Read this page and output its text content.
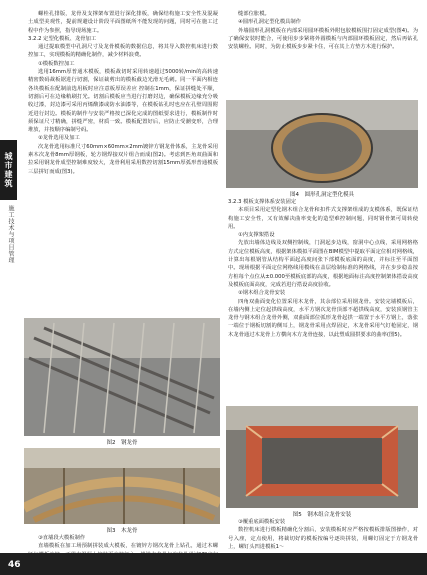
城市建筑
施工技术与项目管理

螺栓孔排版，龙骨及支撑架布置进行深化排板，确保结构施工安全性及混凝土成型美观性，提前规避设计阶段平面图纸所不能发现的问题，同时可在施工过程中作为参照，指导现场施工。

3.2.2 定型化模板、龙骨加工

通过提取模型中孔洞尺寸及龙骨模板的数据信息，将其导入数控机床进行数控加工，实现模板的精确化制作，减少材料浪费。

①模板数控加工

选用16mm厚普通木模板，模板裁切时采用转速超过5000转/min的高转速精密数码裁板锯进行切割，保证裁剪出的模板截边光滑无毛刺。同一平面内相连各块模板在配制前选用板时应注意板厚误差应 控制在1mm，保证拼缝处平顺，切割后可在边缘稍刷打光。切割后模板应当进行打磨封边，确保模板边缘充分吸收过漆，封边漆可采用丙烯酸漆或防水油漆等，在模板钻孔时也应在孔壁周围附近进行封边。模板的制作与安装严格按已深化完成的图纸要求进行，模板制作时须保证尺寸精确，拼缝严密，材质一致。模板配置好后，应防止受潮变形，合理堆放，并按顺序编制号码。

②龙骨选用及加工

次龙骨选用标准尺寸60mm×60mm×2mm镀锌方钢龙骨体系，主龙骨采用素木次龙骨8mm厚钢板，轮方钢焊接双片组合而成(图2)。考虑到匹角双曲面和拉采用钢龙骨成型控制难度较大，龙骨利用采用数控切割15mm厚弧形普通模板三层拼钉而成(图3)。

图2　钢龙骨
图3　木龙骨

③直墙段大模板制作

直墙模板在加工场预制拼装成大模板，在镀锌方钢次龙骨上钻孔，通过木螺

缝部位胀模。

④圆形孔洞定型化模具制作

外墙圆形孔洞模板在内部采用圆环模板外附包胶模板围打固定成型(图4)。为了确保安装时能合，可使用步步紧将外圆模板与内部圆环模板固定，然后再钻孔安装螺栓。同时，为防止模板步步紧卡住，可在其上方垫方木进行保护。

图4　圆形孔洞定型化模具

3.2.3 模板支撑体系安装固定

本项目采用定型化钢木组合龙骨和扣件式支撑架组成的支模体系，既保证结构施工安全性，又有效解决曲率变化的造型难控制问题，同时钢骨架可周转使用。

①内支撑架搭设

先放出墙体边线及双侧控制线，门洞起步边线，窗洞中心点线，采用网格格方式定位模板高度，根据架体模拟平面图在BIM模型中提取平面定位相对网格线，计算出每根钢管从结构平面起高度间张下部模板底面的高度，并标注至平面图中。现场根据平面定位网格线用模线在盖层绘制标准的网格线，并在步步稳盖按方桩每个点位从±0.000至模板底部的高度，根据地面标注高度控制架体搭设高度及模板底面高度，完成若进行搭设高度验收。

②钢木组合龙骨安装

四角双曲面变化位置采用木龙骨，其余部位采用钢龙骨。安装完墙模板后，在墙内侧上定位起拱线高度，水平方钢次龙骨顶部不超拱线高度，安装顶钢管主龙骨与钢木组合龙骨外侧，双曲面部位弧形龙骨起拱一端置于水平方钢上，落张一端位于钢板切割的侧耳上，钢龙骨采用点焊固定，木龙骨采用气钉枪固定，钢木龙骨通过木龙骨上方横向木方龙骨连接，以此塑成圆拱要求的曲率(图5)。

图5　钢木组合龙骨安装

③覆重底面模板安装

数控机床进行模板精确化分割后，安装模板时应严格按模板排版图操作，对号入座，定点使用，将裁切好的模板按编号逐块拼装，用螺钉固定于方钢龙骨上，螺钉头凹进模板1～

46
